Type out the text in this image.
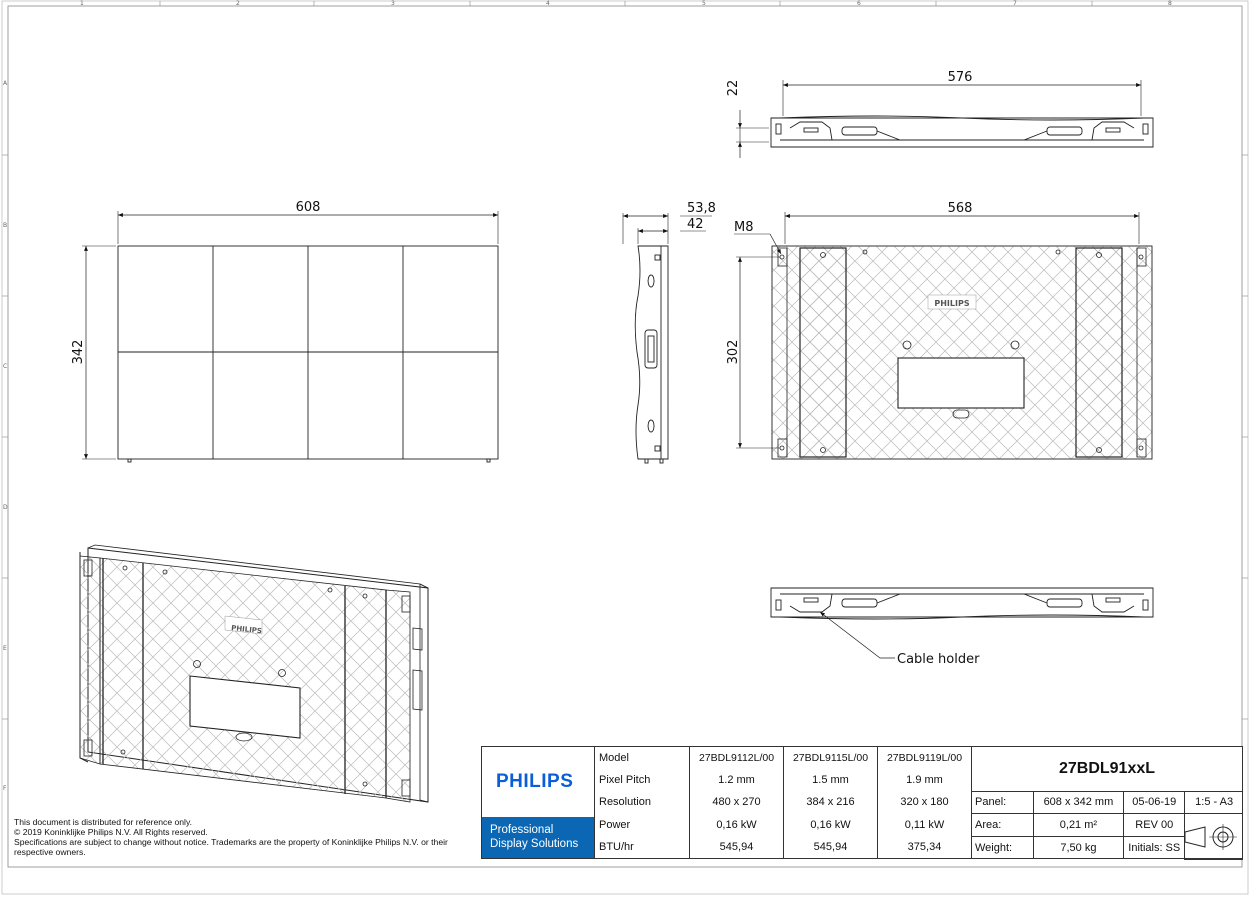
1	2	3	4	5	6	7	8
A
B
C
D
E
F
608
342
53,8
42
576
22
PHILIPS
568
302
M8
Cable holder
PHILIPS
This document is distributed for reference only.
© 2019 Koninklijke Philips N.V. All Rights reserved.
Specifications are subject to change without notice. Trademarks are the property of Koninklijke Philips N.V. or their respective owners.
PHILIPS
Professional
Display Solutions
Model	27BDL9112L/00	27BDL9115L/00	27BDL9119L/00
Pixel Pitch	1.2 mm	1.5 mm	1.9 mm
Resolution	480 x 270	384 x 216	320 x 180
Power	0,16 kW	0,16 kW	0,11 kW
BTU/hr	545,94	545,94	375,34
27BDL91xxL
Panel:	608 x 342 mm	05-06-19	1:5 - A3
Area:	0,21 m²	REV 00	
Weight:	7,50 kg	Initials: SS	
